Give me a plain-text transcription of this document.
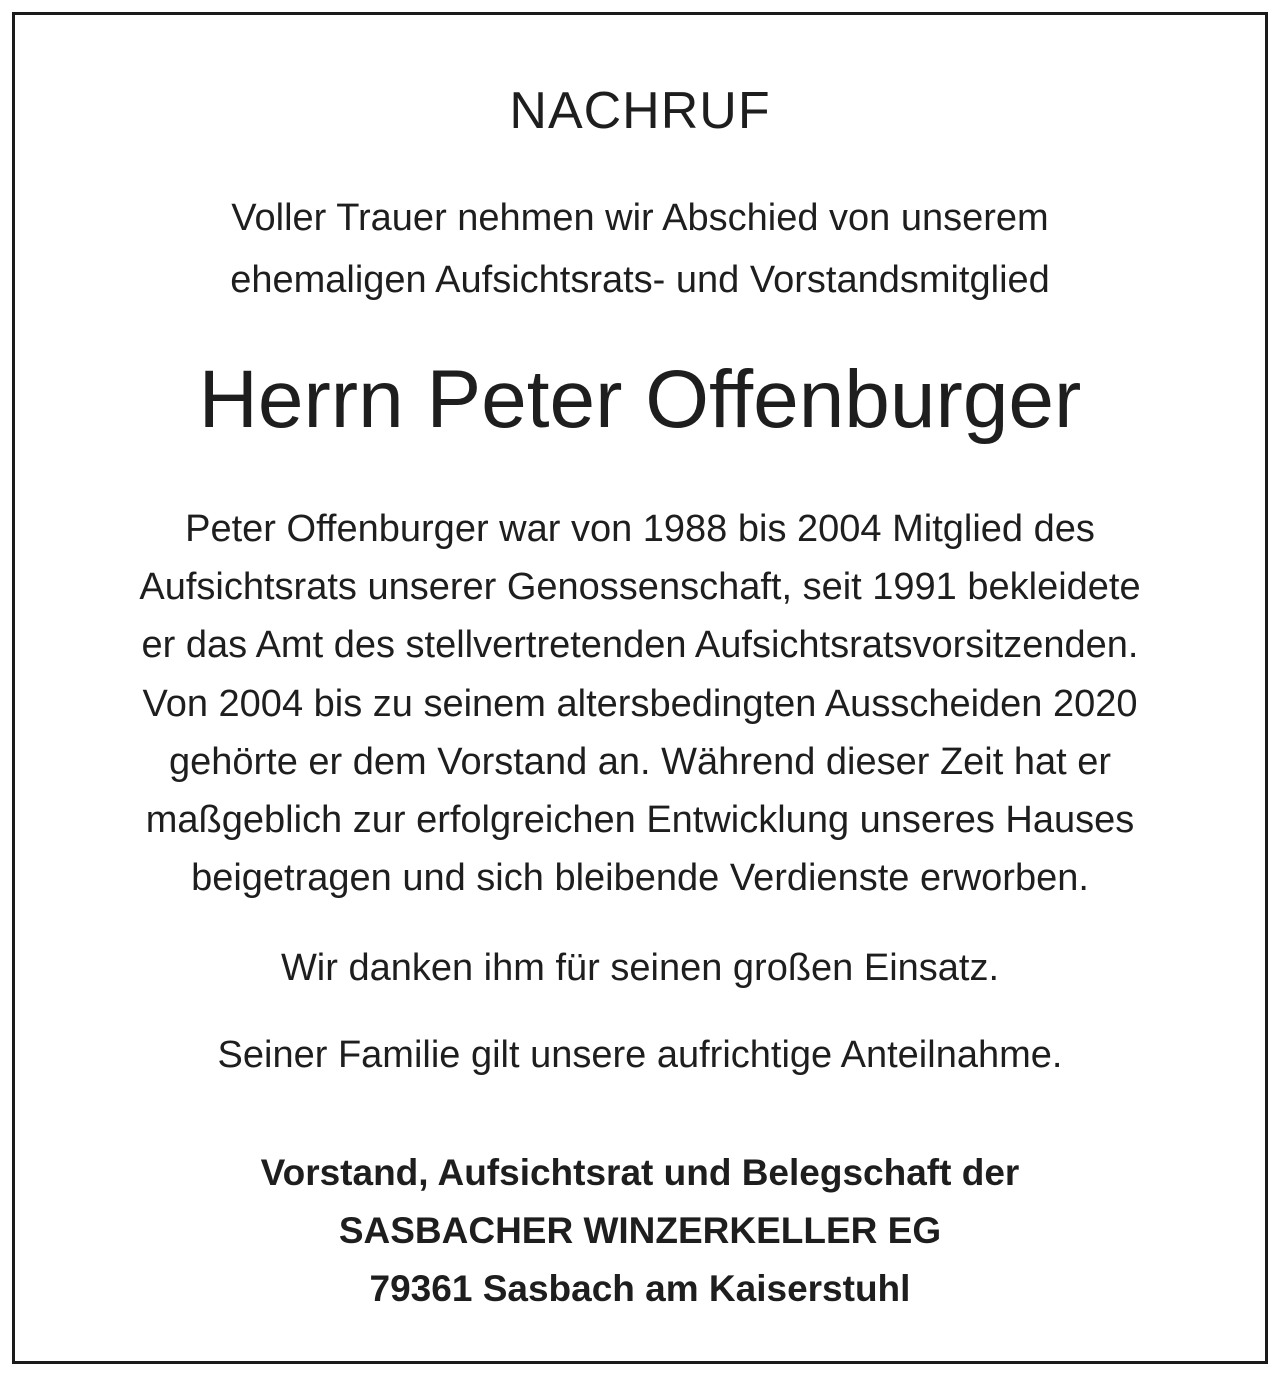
NACHRUF
Voller Trauer nehmen wir Abschied von unserem
ehemaligen Aufsichtsrats- und Vorstandsmitglied
Herrn Peter Offenburger
Peter Offenburger war von 1988 bis 2004 Mitglied des
Aufsichtsrats unserer Genossenschaft, seit 1991 bekleidete
er das Amt des stellvertretenden Aufsichtsratsvorsitzenden.
Von 2004 bis zu seinem altersbedingten Ausscheiden 2020
gehörte er dem Vorstand an. Während dieser Zeit hat er
maßgeblich zur erfolgreichen Entwicklung unseres Hauses
beigetragen und sich bleibende Verdienste erworben.
Wir danken ihm für seinen großen Einsatz.
Seiner Familie gilt unsere aufrichtige Anteilnahme.
Vorstand, Aufsichtsrat und Belegschaft der
SASBACHER WINZERKELLER EG
79361 Sasbach am Kaiserstuhl
